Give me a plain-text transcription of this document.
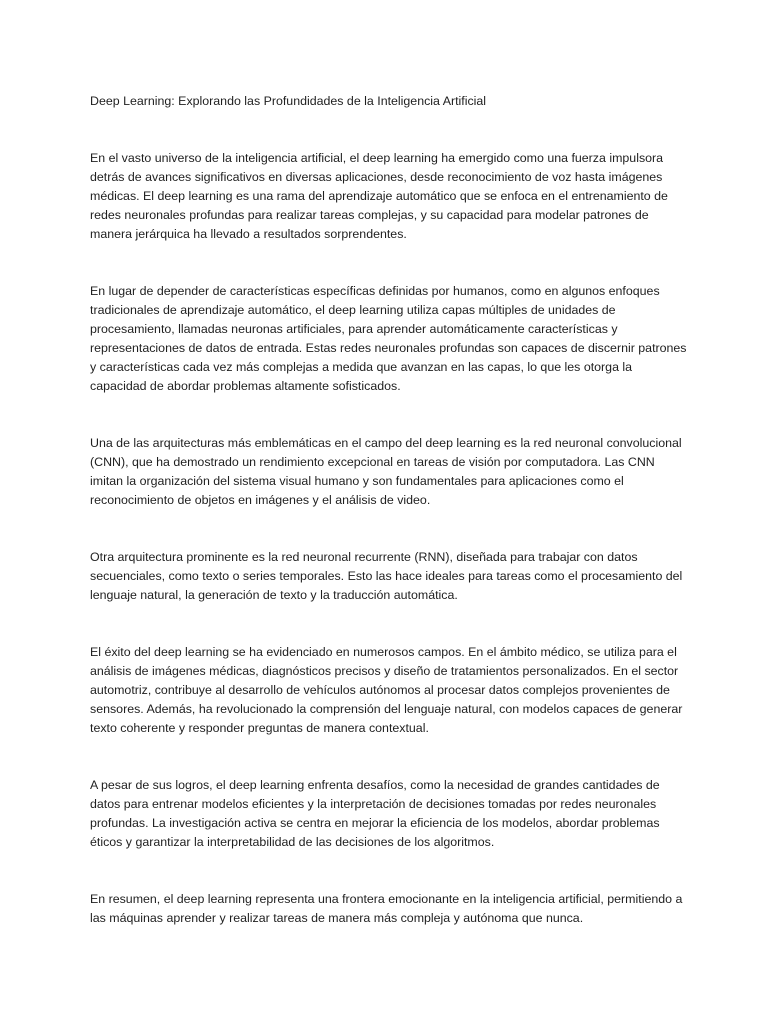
Deep Learning: Explorando las Profundidades de la Inteligencia Artificial

En el vasto universo de la inteligencia artificial, el deep learning ha emergido como una fuerza impulsora detrás de avances significativos en diversas aplicaciones, desde reconocimiento de voz hasta imágenes médicas. El deep learning es una rama del aprendizaje automático que se enfoca en el entrenamiento de redes neuronales profundas para realizar tareas complejas, y su capacidad para modelar patrones de manera jerárquica ha llevado a resultados sorprendentes.

En lugar de depender de características específicas definidas por humanos, como en algunos enfoques tradicionales de aprendizaje automático, el deep learning utiliza capas múltiples de unidades de procesamiento, llamadas neuronas artificiales, para aprender automáticamente características y representaciones de datos de entrada. Estas redes neuronales profundas son capaces de discernir patrones y características cada vez más complejas a medida que avanzan en las capas, lo que les otorga la capacidad de abordar problemas altamente sofisticados.

Una de las arquitecturas más emblemáticas en el campo del deep learning es la red neuronal convolucional (CNN), que ha demostrado un rendimiento excepcional en tareas de visión por computadora. Las CNN imitan la organización del sistema visual humano y son fundamentales para aplicaciones como el reconocimiento de objetos en imágenes y el análisis de video.

Otra arquitectura prominente es la red neuronal recurrente (RNN), diseñada para trabajar con datos secuenciales, como texto o series temporales. Esto las hace ideales para tareas como el procesamiento del lenguaje natural, la generación de texto y la traducción automática.

El éxito del deep learning se ha evidenciado en numerosos campos. En el ámbito médico, se utiliza para el análisis de imágenes médicas, diagnósticos precisos y diseño de tratamientos personalizados. En el sector automotriz, contribuye al desarrollo de vehículos autónomos al procesar datos complejos provenientes de sensores. Además, ha revolucionado la comprensión del lenguaje natural, con modelos capaces de generar texto coherente y responder preguntas de manera contextual.

A pesar de sus logros, el deep learning enfrenta desafíos, como la necesidad de grandes cantidades de datos para entrenar modelos eficientes y la interpretación de decisiones tomadas por redes neuronales profundas. La investigación activa se centra en mejorar la eficiencia de los modelos, abordar problemas éticos y garantizar la interpretabilidad de las decisiones de los algoritmos.

En resumen, el deep learning representa una frontera emocionante en la inteligencia artificial, permitiendo a las máquinas aprender y realizar tareas de manera más compleja y autónoma que nunca.
